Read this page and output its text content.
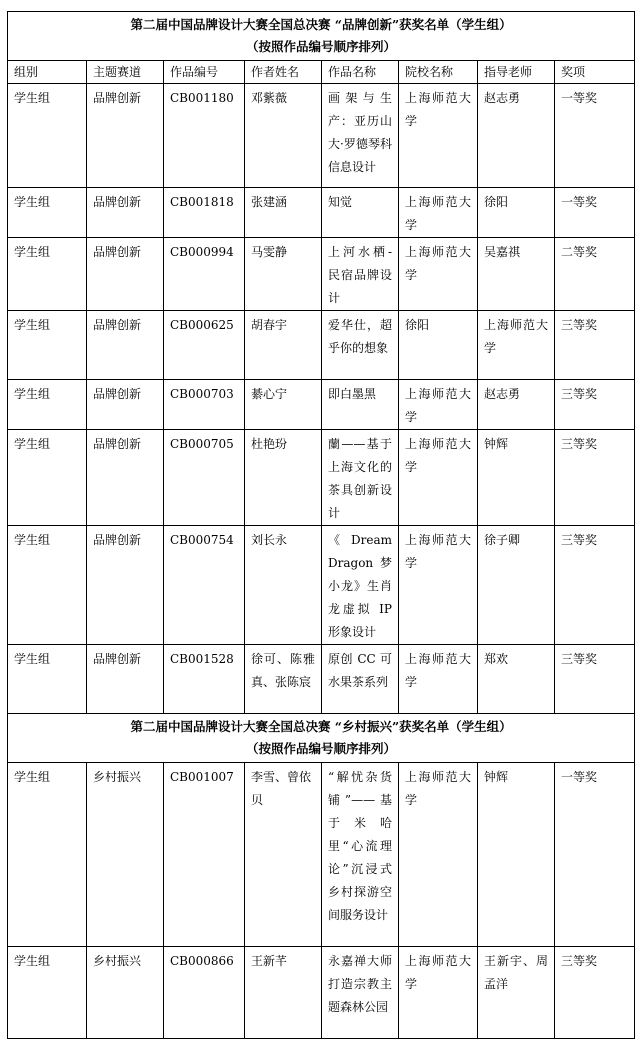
第二届中国品牌设计大赛全国总决赛 “品牌创新”获奖名单（学生组）
（按照作品编号顺序排列）							

组别	主题赛道	作品编号	作者姓名	作品名称	院校名称	指导老师	奖项
学生组	品牌创新	CB001180	邓紫薇	画架与生产：亚历山大·罗德琴科信息设计	上海师范大学	赵志勇	一等奖
学生组	品牌创新	CB001818	张建涵	知觉	上海师范大学	徐阳	一等奖
学生组	品牌创新	CB000994	马雯静	上河水栖-民宿品牌设计	上海师范大学	吴嘉祺	二等奖
学生组	品牌创新	CB000625	胡春宇	爱华仕，超乎你的想象	徐阳	上海师范大学	三等奖
学生组	品牌创新	CB000703	綦心宁	即白墨黑	上海师范大学	赵志勇	三等奖
学生组	品牌创新	CB000705	杜艳玢	蘭——基于上海文化的茶具创新设计	上海师范大学	钟辉	三等奖
学生组	品牌创新	CB000754	刘长永	《 Dream Dragon 梦小龙》生肖龙虚拟 IP 形象设计	上海师范大学	徐子卿	三等奖
学生组	品牌创新	CB001528	徐可、陈雅真、张陈宸	原创 CC 可水果茶系列	上海师范大学	郑欢	三等奖

第二届中国品牌设计大赛全国总决赛 “乡村振兴”获奖名单（学生组）
（按照作品编号顺序排列）							

学生组	乡村振兴	CB001007	李雪、曾依贝	“解忧杂货铺”——基于米哈里“心流理论”沉浸式乡村探游空间服务设计	上海师范大学	钟辉	一等奖
学生组	乡村振兴	CB000866	王新芊	永嘉禅大师打造宗教主题森林公园	上海师范大学	王新宇、周孟洋	三等奖
